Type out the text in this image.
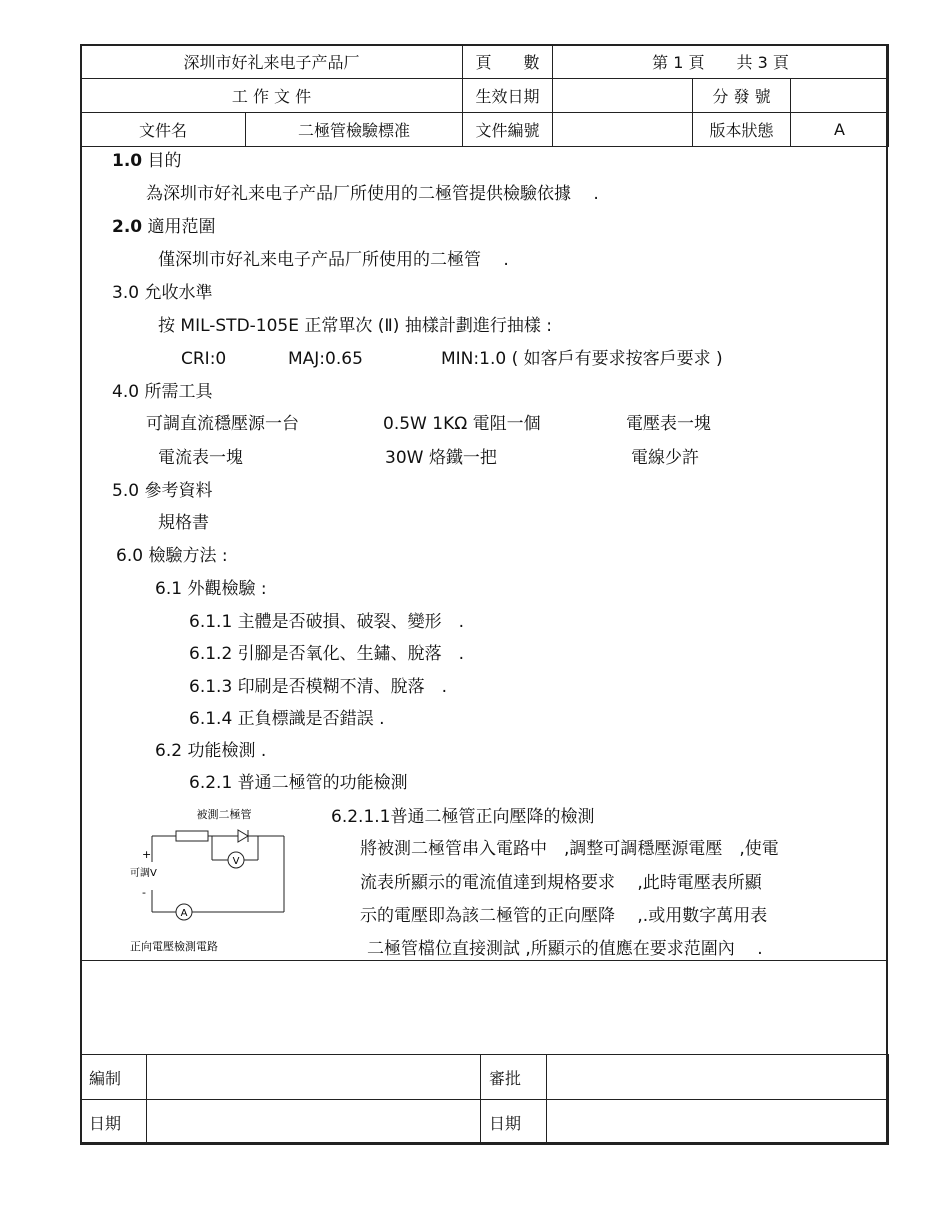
深圳市好礼来电子产品厂		頁　　數	第 1 頁　　共 3 頁		
工 作 文 件		生效日期		分 發 號	
文件名	二極管檢驗標准	文件編號		版本狀態	A
1.0 目的
為深圳市好礼来电子产品厂所使用的二極管提供檢驗依據　 .
2.0 適用范圍
僅深圳市好礼来电子产品厂所使用的二極管　 .
3.0 允收水準
按 MIL-STD-105E 正常單次 (Ⅱ) 抽樣計劃進行抽樣 :
CRI:0	MAJ:0.65	MIN:1.0 ( 如客戶有要求按客戶要求 )
4.0 所需工具
可調直流穩壓源一台	0.5W 1KΩ 電阻一個	電壓表一塊
電流表一塊	30W 烙鐵一把	電線少許
5.0 參考資料
規格書
6.0 檢驗方法 :
6.1 外觀檢驗 :
6.1.1 主體是否破損、破裂、變形　.
6.1.2 引腳是否氧化、生鏽、脫落　.
6.1.3 印刷是否模糊不清、脫落　.
6.1.4 正負標識是否錯誤 .
6.2 功能檢測 .
6.2.1 普通二極管的功能檢測
6.2.1.1普通二極管正向壓降的檢測
將被測二極管串入電路中　,調整可調穩壓源電壓　,使電
流表所顯示的電流值達到規格要求　 ,此時電壓表所顯
示的電壓即為該二極管的正向壓降　 ,.或用數字萬用表
二極管檔位直接測試 ,所顯示的值應在要求范圍內　 .
被測二極管
V
+
可調V
-
A
正向電壓檢測電路
編制		審批	
日期		日期	
